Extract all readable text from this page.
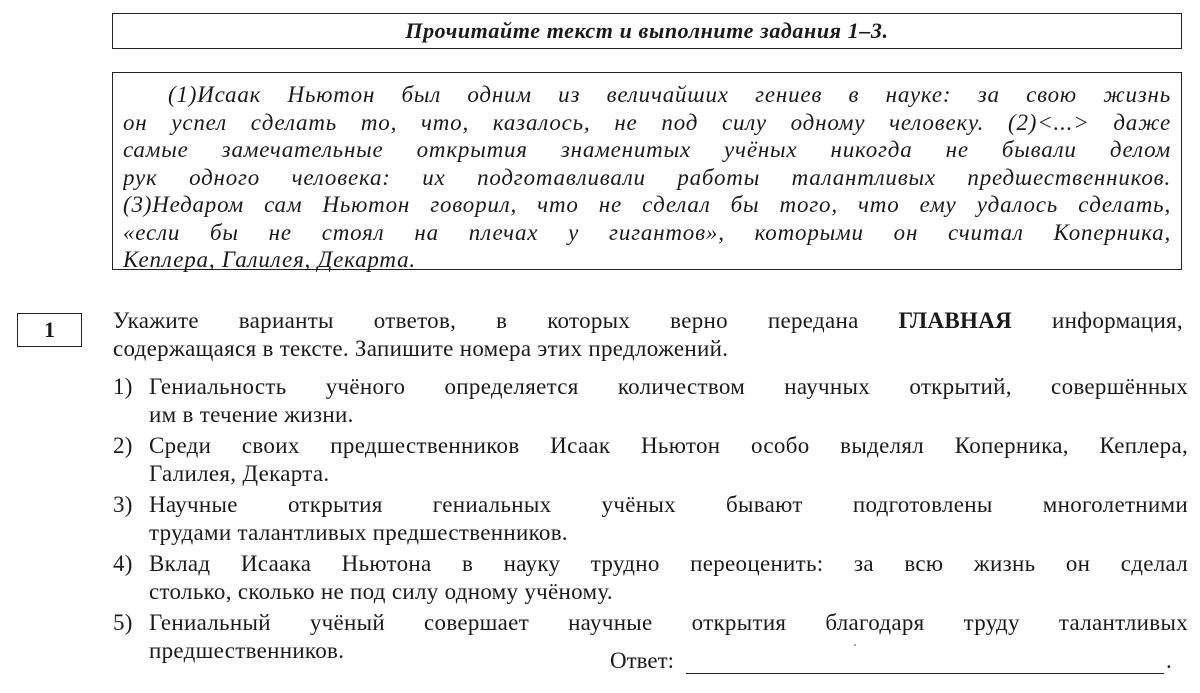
Прочитайте текст и выполните задания 1–3.
(1)Исаак Ньютон был одним из величайших гениев в науке: за свою жизнь
он успел сделать то, что, казалось, не под силу одному человеку. (2)<...> даже
самые замечательные открытия знаменитых учёных никогда не бывали делом
рук одного человека: их подготавливали работы талантливых предшественников.
(3)Недаром сам Ньютон говорил, что не сделал бы того, что ему удалось сделать,
«если бы не стоял на плечах у гигантов», которыми он считал Коперника,
Кеплера, Галилея, Декарта.
1	Укажите варианты ответов, в которых верно передана ГЛАВНАЯ информация,
содержащаяся в тексте. Запишите номера этих предложений.
1) Гениальность учёного определяется количеством научных открытий, совершённых
им в течение жизни.
2) Среди своих предшественников Исаак Ньютон особо выделял Коперника, Кеплера,
Галилея, Декарта.
3) Научные открытия гениальных учёных бывают подготовлены многолетними
трудами талантливых предшественников.
4) Вклад Исаака Ньютона в науку трудно переоценить: за всю жизнь он сделал
столько, сколько не под силу одному учёному.
5) Гениальный учёный совершает научные открытия благодаря труду талантливых
предшественников.	Ответ:	.
